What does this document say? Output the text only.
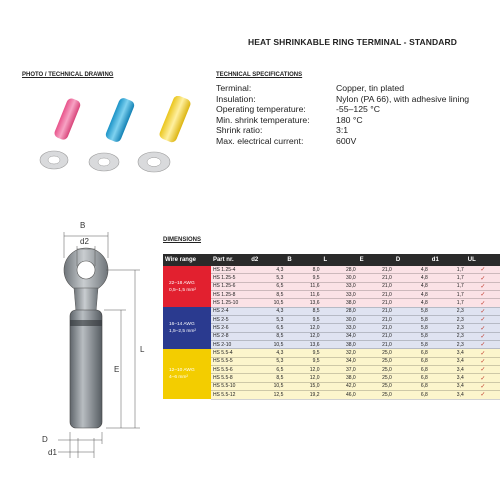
HEAT SHRINKABLE RING TERMINAL - STANDARD
PHOTO / TECHNICAL DRAWING	TECHNICAL SPECIFICATIONS
Terminal:	Copper, tin plated
Insulation:	Nylon (PA 66), with adhesive lining
Operating temperature:	-55–125 °C
Min. shrink temperature:	180 °C
Shrink ratio:	3:1
Max. electrical current:	600V
B
d2
L
E
D
d1
DIMENSIONS
Wire range	Part nr.	d2	B	L	E	D	d1	UL

22–18 AWG
0,5–1,5 mm²	HS 1.25-4	4,3	8,0	28,0	21,0	4,8	1,7	✓
	HS 1.25-5	5,3	9,5	30,0	21,0	4,8	1,7	✓
	HS 1.25-6	6,5	11,6	33,0	21,0	4,8	1,7	✓
	HS 1.25-8	8,5	11,6	33,0	21,0	4,8	1,7	✓
	HS 1.25-10	10,5	13,6	38,0	21,0	4,8	1,7	✓

16–14 AWG
1,5–2,5 mm²	HS 2-4	4,3	8,5	28,0	21,0	5,8	2,3	✓
	HS 2-5	5,3	9,5	30,0	21,0	5,8	2,3	✓
	HS 2-6	6,5	12,0	33,0	21,0	5,8	2,3	✓
	HS 2-8	8,5	12,0	34,0	21,0	5,8	2,3	✓
	HS 2-10	10,5	13,6	38,0	21,0	5,8	2,3	✓

12–10 AWG
4–6 mm²	HS 5.5-4	4,3	9,5	32,0	25,0	6,8	3,4	✓
	HS 5.5-5	5,3	9,5	34,0	25,0	6,8	3,4	✓
	HS 5.5-6	6,5	12,0	37,0	25,0	6,8	3,4	✓
	HS 5.5-8	8,5	12,0	38,0	25,0	6,8	3,4	✓
	HS 5.5-10	10,5	15,0	42,0	25,0	6,8	3,4	✓
	HS 5.5-12	12,5	19,2	46,0	25,0	6,8	3,4	✓
